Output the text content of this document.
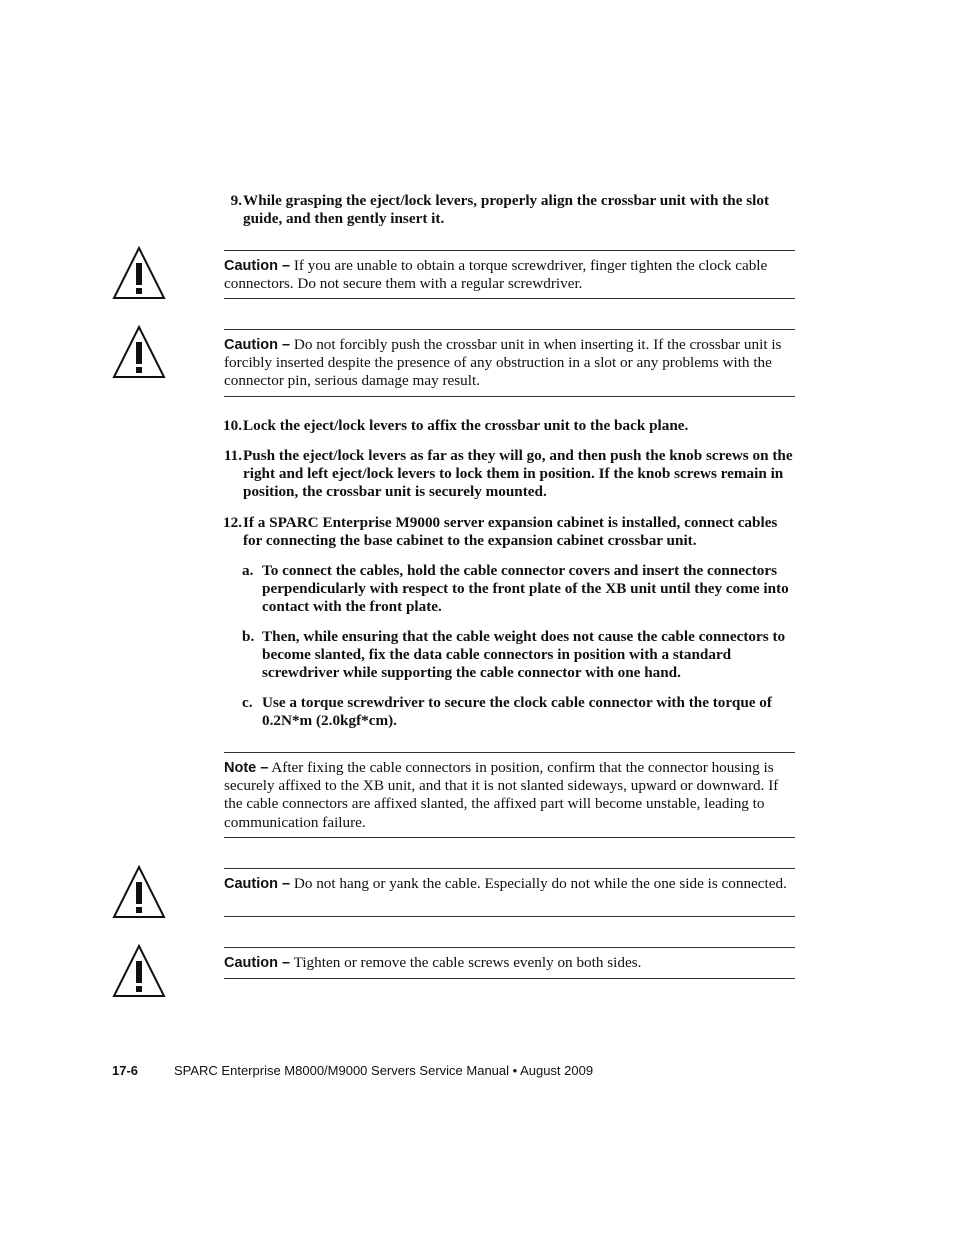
9. While grasping the eject/lock levers, properly align the crossbar unit with the slot guide, and then gently insert it.
Caution – If you are unable to obtain a torque screwdriver, finger tighten the clock cable connectors. Do not secure them with a regular screwdriver.
Caution – Do not forcibly push the crossbar unit in when inserting it. If the crossbar unit is forcibly inserted despite the presence of any obstruction in a slot or any problems with the connector pin, serious damage may result.
10. Lock the eject/lock levers to affix the crossbar unit to the back plane.
11. Push the eject/lock levers as far as they will go, and then push the knob screws on the right and left eject/lock levers to lock them in position. If the knob screws remain in position, the crossbar unit is securely mounted.
12. If a SPARC Enterprise M9000 server expansion cabinet is installed, connect cables for connecting the base cabinet to the expansion cabinet crossbar unit.
a. To connect the cables, hold the cable connector covers and insert the connectors perpendicularly with respect to the front plate of the XB unit until they come into contact with the front plate.
b. Then, while ensuring that the cable weight does not cause the cable connectors to become slanted, fix the data cable connectors in position with a standard screwdriver while supporting the cable connector with one hand.
c. Use a torque screwdriver to secure the clock cable connector with the torque of 0.2N*m (2.0kgf*cm).
Note – After fixing the cable connectors in position, confirm that the connector housing is securely affixed to the XB unit, and that it is not slanted sideways, upward or downward. If the cable connectors are affixed slanted, the affixed part will become unstable, leading to communication failure.
Caution – Do not hang or yank the cable. Especially do not while the one side is connected.
Caution – Tighten or remove the cable screws evenly on both sides.
17-6	SPARC Enterprise M8000/M9000 Servers Service Manual • August 2009
